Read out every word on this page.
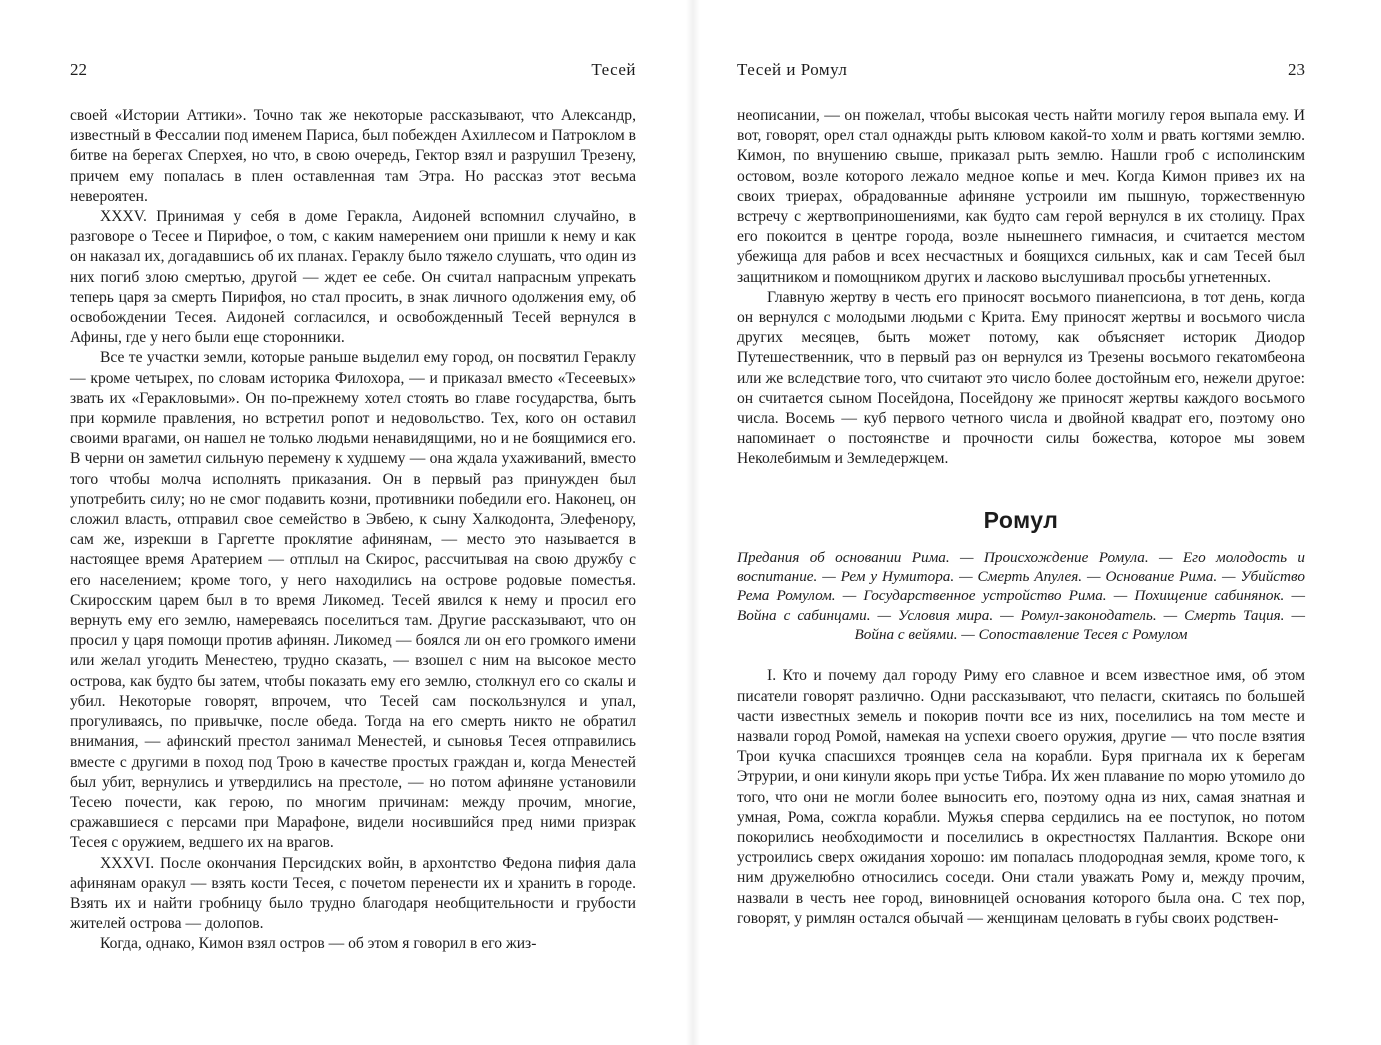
22	Тесей

своей «Истории Аттики». Точно так же некоторые рассказывают, что Александр, известный в Фессалии под именем Париса, был побежден Ахиллесом и Патроклом в битве на берегах Сперхея, но что, в свою очередь, Гектор взял и разрушил Трезену, причем ему попалась в плен оставленная там Этра. Но рассказ этот весьма невероятен.

XXXV. Принимая у себя в доме Геракла, Аидоней вспомнил случайно, в разговоре о Тесее и Пирифое, о том, с каким намерением они пришли к нему и как он наказал их, догадавшись об их планах. Гераклу было тяжело слушать, что один из них погиб злою смертью, другой — ждет ее себе. Он считал напрасным упрекать теперь царя за смерть Пирифоя, но стал просить, в знак личного одолжения ему, об освобождении Тесея. Аидоней согласился, и освобожденный Тесей вернулся в Афины, где у него были еще сторонники.

Все те участки земли, которые раньше выделил ему город, он посвятил Гераклу — кроме четырех, по словам историка Филохора, — и приказал вместо «Тесеевых» звать их «Геракловыми». Он по-прежнему хотел стоять во главе государства, быть при кормиле правления, но встретил ропот и недовольство. Тех, кого он оставил своими врагами, он нашел не только людьми ненавидящими, но и не боящимися его. В черни он заметил сильную перемену к худшему — она ждала ухаживаний, вместо того чтобы молча исполнять приказания. Он в первый раз принужден был употребить силу; но не смог подавить козни, противники победили его. Наконец, он сложил власть, отправил свое семейство в Эвбею, к сыну Халкодонта, Элефенору, сам же, изрекши в Гаргетте проклятие афинянам, — место это называется в настоящее время Аратерием — отплыл на Скирос, рассчитывая на свою дружбу с его населением; кроме того, у него находились на острове родовые поместья. Скиросским царем был в то время Ликомед. Тесей явился к нему и просил его вернуть ему его землю, намереваясь поселиться там. Другие рассказывают, что он просил у царя помощи против афинян. Ликомед — боялся ли он его громкого имени или желал угодить Менестею, трудно сказать, — взошел с ним на высокое место острова, как будто бы затем, чтобы показать ему его землю, столкнул его со скалы и убил. Некоторые говорят, впрочем, что Тесей сам поскользнулся и упал, прогуливаясь, по привычке, после обеда. Тогда на его смерть никто не обратил внимания, — афинский престол занимал Менестей, и сыновья Тесея отправились вместе с другими в поход под Трою в качестве простых граждан и, когда Менестей был убит, вернулись и утвердились на престоле, — но потом афиняне установили Тесею почести, как герою, по многим причинам: между прочим, многие, сражавшиеся с персами при Марафоне, видели носившийся пред ними призрак Тесея с оружием, ведшего их на врагов.

XXXVI. После окончания Персидских войн, в архонтство Федона пифия дала афинянам оракул — взять кости Тесея, с почетом перенести их и хранить в городе. Взять их и найти гробницу было трудно благодаря необщительности и грубости жителей острова — долопов.

Когда, однако, Кимон взял остров — об этом я говорил в его жиз-

Тесей и Ромул	23

неописании, — он пожелал, чтобы высокая честь найти могилу героя выпала ему. И вот, говорят, орел стал однажды рыть клювом какой-то холм и рвать когтями землю. Кимон, по внушению свыше, приказал рыть землю. Нашли гроб с исполинским остовом, возле которого лежало медное копье и меч. Когда Кимон привез их на своих триерах, обрадованные афиняне устроили им пышную, торжественную встречу с жертвоприношениями, как будто сам герой вернулся в их столицу. Прах его покоится в центре города, возле нынешнего гимнасия, и считается местом убежища для рабов и всех несчастных и боящихся сильных, как и сам Тесей был защитником и помощником других и ласково выслушивал просьбы угнетенных.

Главную жертву в честь его приносят восьмого пианепсиона, в тот день, когда он вернулся с молодыми людьми с Крита. Ему приносят жертвы и восьмого числа других месяцев, быть может потому, как объясняет историк Диодор Путешественник, что в первый раз он вернулся из Трезены восьмого гекатомбеона или же вследствие того, что считают это число более достойным его, нежели другое: он считается сыном Посейдона, Посейдону же приносят жертвы каждого восьмого числа. Восемь — куб первого четного числа и двойной квадрат его, поэтому оно напоминает о постоянстве и прочности силы божества, которое мы зовем Неколебимым и Земледержцем.

Ромул
Предания об основании Рима. — Происхождение Ромула. — Его молодость и воспитание. — Рем у Нумитора. — Смерть Апулея. — Основание Рима. — Убийство Рема Ромулом. — Государственное устройство Рима. — Похищение сабинянок. — Война с сабинцами. — Условия мира. — Ромул-законодатель. — Смерть Тация. — Война с вейями. — Сопоставление Тесея с Ромулом

I. Кто и почему дал городу Риму его славное и всем известное имя, об этом писатели говорят различно. Одни рассказывают, что пеласги, скитаясь по большей части известных земель и покорив почти все из них, поселились на том месте и назвали город Ромой, намекая на успехи своего оружия, другие — что после взятия Трои кучка спасшихся троянцев села на корабли. Буря пригнала их к берегам Этрурии, и они кинули якорь при устье Тибра. Их жен плавание по морю утомило до того, что они не могли более выносить его, поэтому одна из них, самая знатная и умная, Рома, сожгла корабли. Мужья сперва сердились на ее поступок, но потом покорились необходимости и поселились в окрестностях Паллантия. Вскоре они устроились сверх ожидания хорошо: им попалась плодородная земля, кроме того, к ним дружелюбно относились соседи. Они стали уважать Рому и, между прочим, назвали в честь нее город, виновницей основания которого была она. С тех пор, говорят, у римлян остался обычай — женщинам целовать в губы своих родствен-
